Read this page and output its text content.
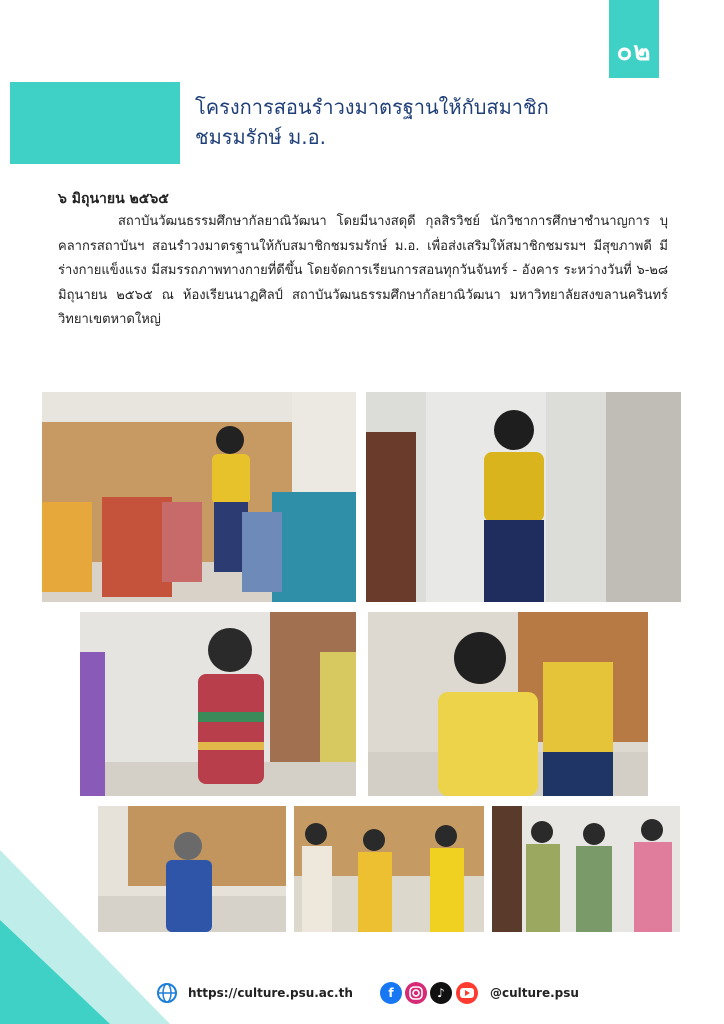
๐๒
โครงการสอนรำวงมาตรฐานให้กับสมาชิก
ชมรมรักษ์ ม.อ.
๖ มิถุนายน ๒๕๖๕
สถาบันวัฒนธรรมศึกษากัลยาณิวัฒนา โดยมีนางสดุดี กุลสิรวิชย์ นักวิชาการศึกษาชำนาญการ บุคลากรสถาบันฯ สอนรำวงมาตรฐานให้กับสมาชิกชมรมรักษ์ ม.อ. เพื่อส่งเสริมให้สมาชิกชมรมฯ มีสุขภาพดี มีร่างกายแข็งแรง มีสมรรถภาพทางกายที่ดีขึ้น โดยจัดการเรียนการสอนทุกวันจันทร์ - อังคาร ระหว่างวันที่ ๖-๒๘ มิถุนายน ๒๕๖๕ ณ ห้องเรียนนาฏศิลป์ สถาบันวัฒนธรรมศึกษากัลยาณิวัฒนา มหาวิทยาลัยสงขลานครินทร์ วิทยาเขตหาดใหญ่
https://culture.psu.ac.th	f	♪	@culture.psu
